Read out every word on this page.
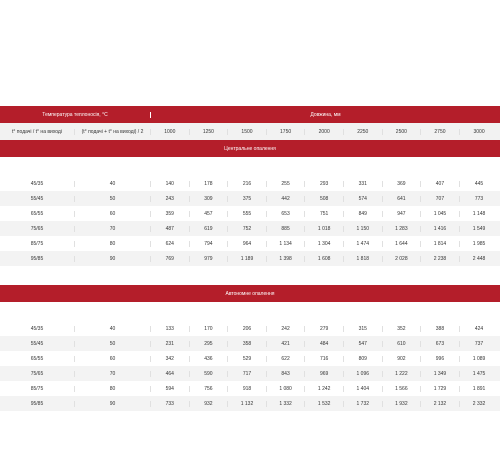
Температура теплоносія, °С	Довжина, мм
t° подачі / t° на виході	(t° подачі + t° на виході) / 2	1000	1250	1500	1750	2000	2250	2500	2750	3000
Центральне опалення
45/35	40	140	178	216	255	293	331	369	407	445
55/45	50	243	309	375	442	508	574	641	707	773
65/55	60	359	457	555	653	751	849	947	1 045	1 148
75/65	70	487	619	752	885	1 018	1 150	1 283	1 416	1 549
85/75	80	624	794	964	1 134	1 304	1 474	1 644	1 814	1 985
95/85	90	769	979	1 189	1 398	1 608	1 818	2 028	2 238	2 448
Автономне опалення
45/35	40	133	170	206	242	279	315	352	388	424
55/45	50	231	295	358	421	484	547	610	673	737
65/55	60	342	436	529	622	716	809	902	996	1 089
75/65	70	464	590	717	843	969	1 096	1 222	1 349	1 475
85/75	80	594	756	918	1 080	1 242	1 404	1 566	1 729	1 891
95/85	90	733	932	1 132	1 332	1 532	1 732	1 932	2 132	2 332
